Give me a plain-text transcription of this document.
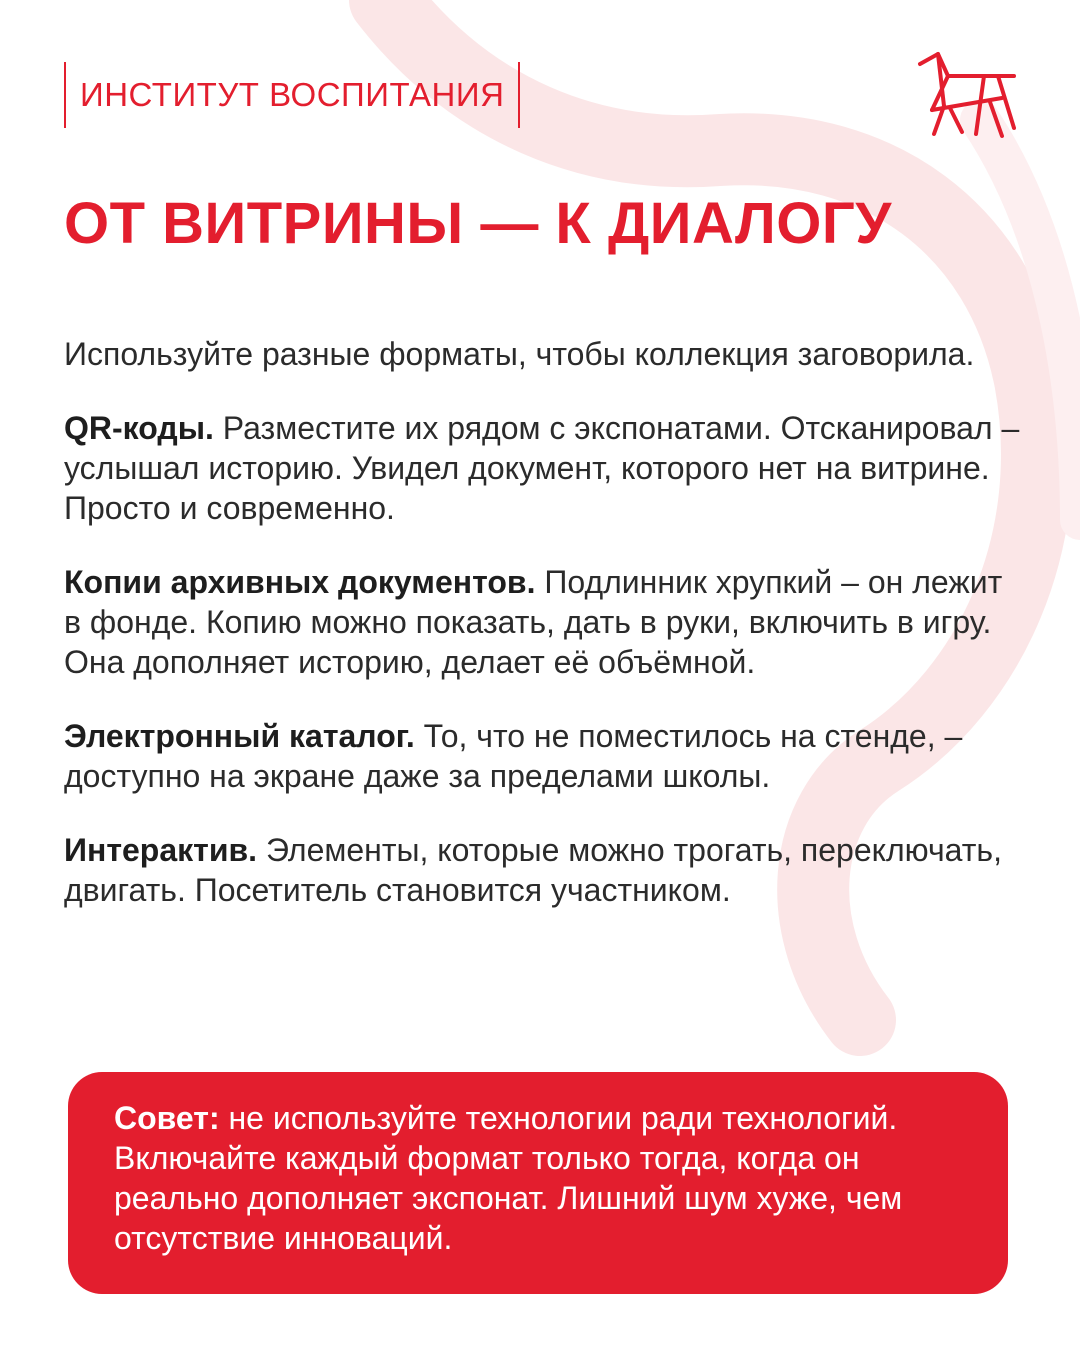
ИНСТИТУТ ВОСПИТАНИЯ
ОТ ВИТРИНЫ — К ДИАЛОГУ

Используйте разные форматы, чтобы коллекция заговорила.

QR-коды. Разместите их рядом с экспонатами. Отсканировал – услышал историю. Увидел документ, которого нет на витрине. Просто и современно.

Копии архивных документов. Подлинник хрупкий – он лежит в фонде. Копию можно показать, дать в руки, включить в игру. Она дополняет историю, делает её объёмной.

Электронный каталог. То, что не поместилось на стенде, – доступно на экране даже за пределами школы.

Интерактив. Элементы, которые можно трогать, переключать, двигать. Посетитель становится участником.

Совет: не используйте технологии ради технологий. Включайте каждый формат только тогда, когда он реально дополняет экспонат. Лишний шум хуже, чем отсутствие инноваций.
